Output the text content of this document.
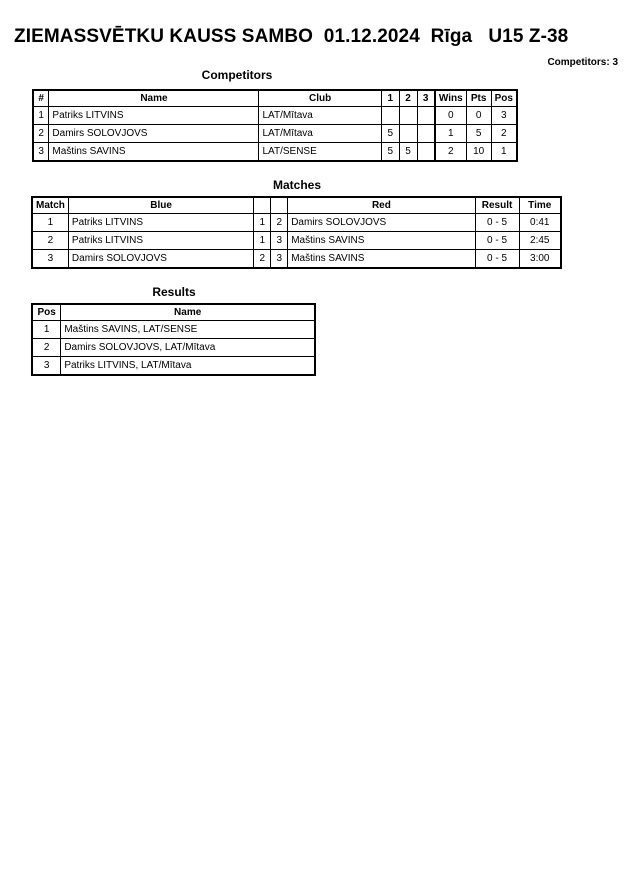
ZIEMASSVĒTKU KAUSS SAMBO  01.12.2024  Rīga   U15 Z-38
Competitors: 3
Competitors
#	Name	Club	1	2	3	Wins	Pts	Pos
1	Patriks LITVINS	LAT/Mītava				0	0	3
2	Damirs SOLOVJOVS	LAT/Mītava	5			1	5	2
3	Maštins SAVINS	LAT/SENSE	5	5		2	10	1
Matches
Match	Blue			Red	Result	Time
1	Patriks LITVINS	1	2	Damirs SOLOVJOVS	0 - 5	0:41
2	Patriks LITVINS	1	3	Maštins SAVINS	0 - 5	2:45
3	Damirs SOLOVJOVS	2	3	Maštins SAVINS	0 - 5	3:00
Results
Pos	Name
1	Maštins SAVINS, LAT/SENSE
2	Damirs SOLOVJOVS, LAT/Mītava
3	Patriks LITVINS, LAT/Mītava
